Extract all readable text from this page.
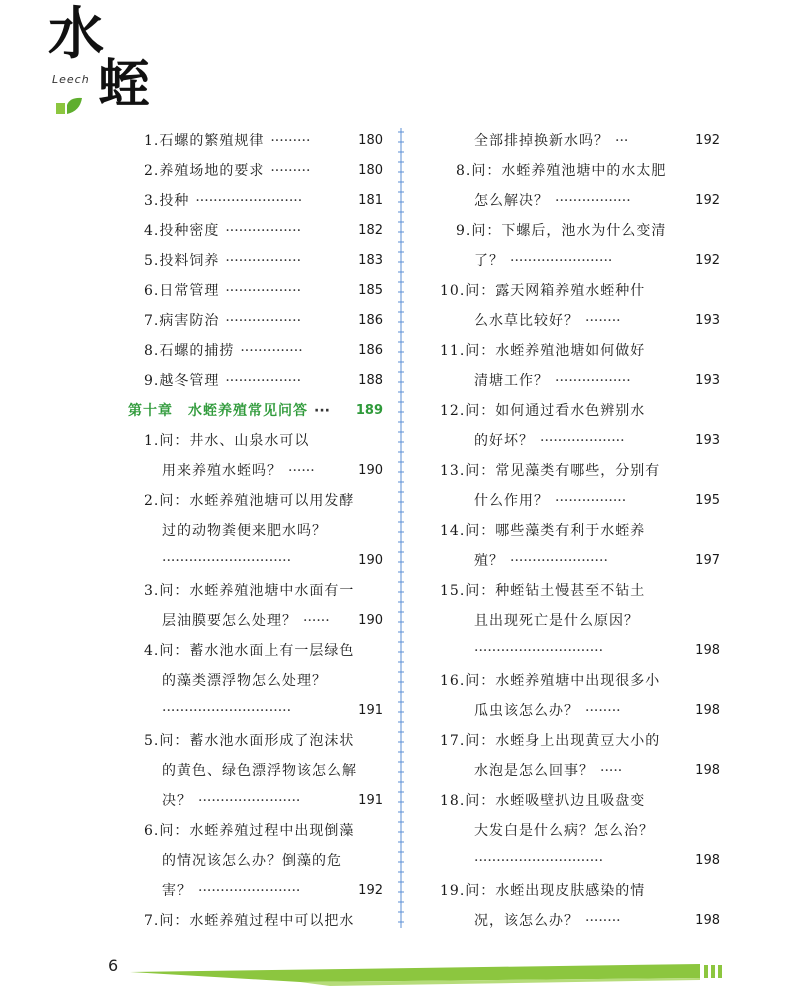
水
Leech 蛭
1.石螺的繁殖规律 ·········	180
2.养殖场地的要求 ·········	180
3.投种 ························	181
4.投种密度 ·················	182
5.投料饲养 ·················	183
6.日常管理 ·················	185
7.病害防治 ·················	186
8.石螺的捕捞 ··············	186
9.越冬管理 ·················	188
第十章　水蛭养殖常见问答 ··· 189
1.问：井水、山泉水可以
用来养殖水蛭吗？ ······	190
2.问：水蛭养殖池塘可以用发酵
过的动物粪便来肥水吗？
·····························	190
3.问：水蛭养殖池塘中水面有一
层油膜要怎么处理？ ······ 190
4.问：蓄水池水面上有一层绿色
的藻类漂浮物怎么处理？
·····························	191
5.问：蓄水池水面形成了泡沫状
的黄色、绿色漂浮物该怎么解
决？ ·······················	191
6.问：水蛭养殖过程中出现倒藻
的情况该怎么办？倒藻的危
害？ ·······················	192
7.问：水蛭养殖过程中可以把水
全部排掉换新水吗？ ···	192
8.问：水蛭养殖池塘中的水太肥
怎么解决？ ·················	192
9.问：下螺后，池水为什么变清
了？ ·······················	192
10.问：露天网箱养殖水蛭种什
么水草比较好？ ········	193
11.问：水蛭养殖池塘如何做好
清塘工作？ ·················	193
12.问：如何通过看水色辨别水
的好坏？ ···················	193
13.问：常见藻类有哪些，分别有
什么作用？ ················	195
14.问：哪些藻类有利于水蛭养
殖？ ······················	197
15.问：种蛭钻土慢甚至不钻土
且出现死亡是什么原因？
·····························	198
16.问：水蛭养殖塘中出现很多小
瓜虫该怎么办？ ········	198
17.问：水蛭身上出现黄豆大小的
水泡是怎么回事？ ·····	198
18.问：水蛭吸壁扒边且吸盘变
大发白是什么病？怎么治？
·····························	198
19.问：水蛭出现皮肤感染的情
况，该怎么办？ ········	198
6
